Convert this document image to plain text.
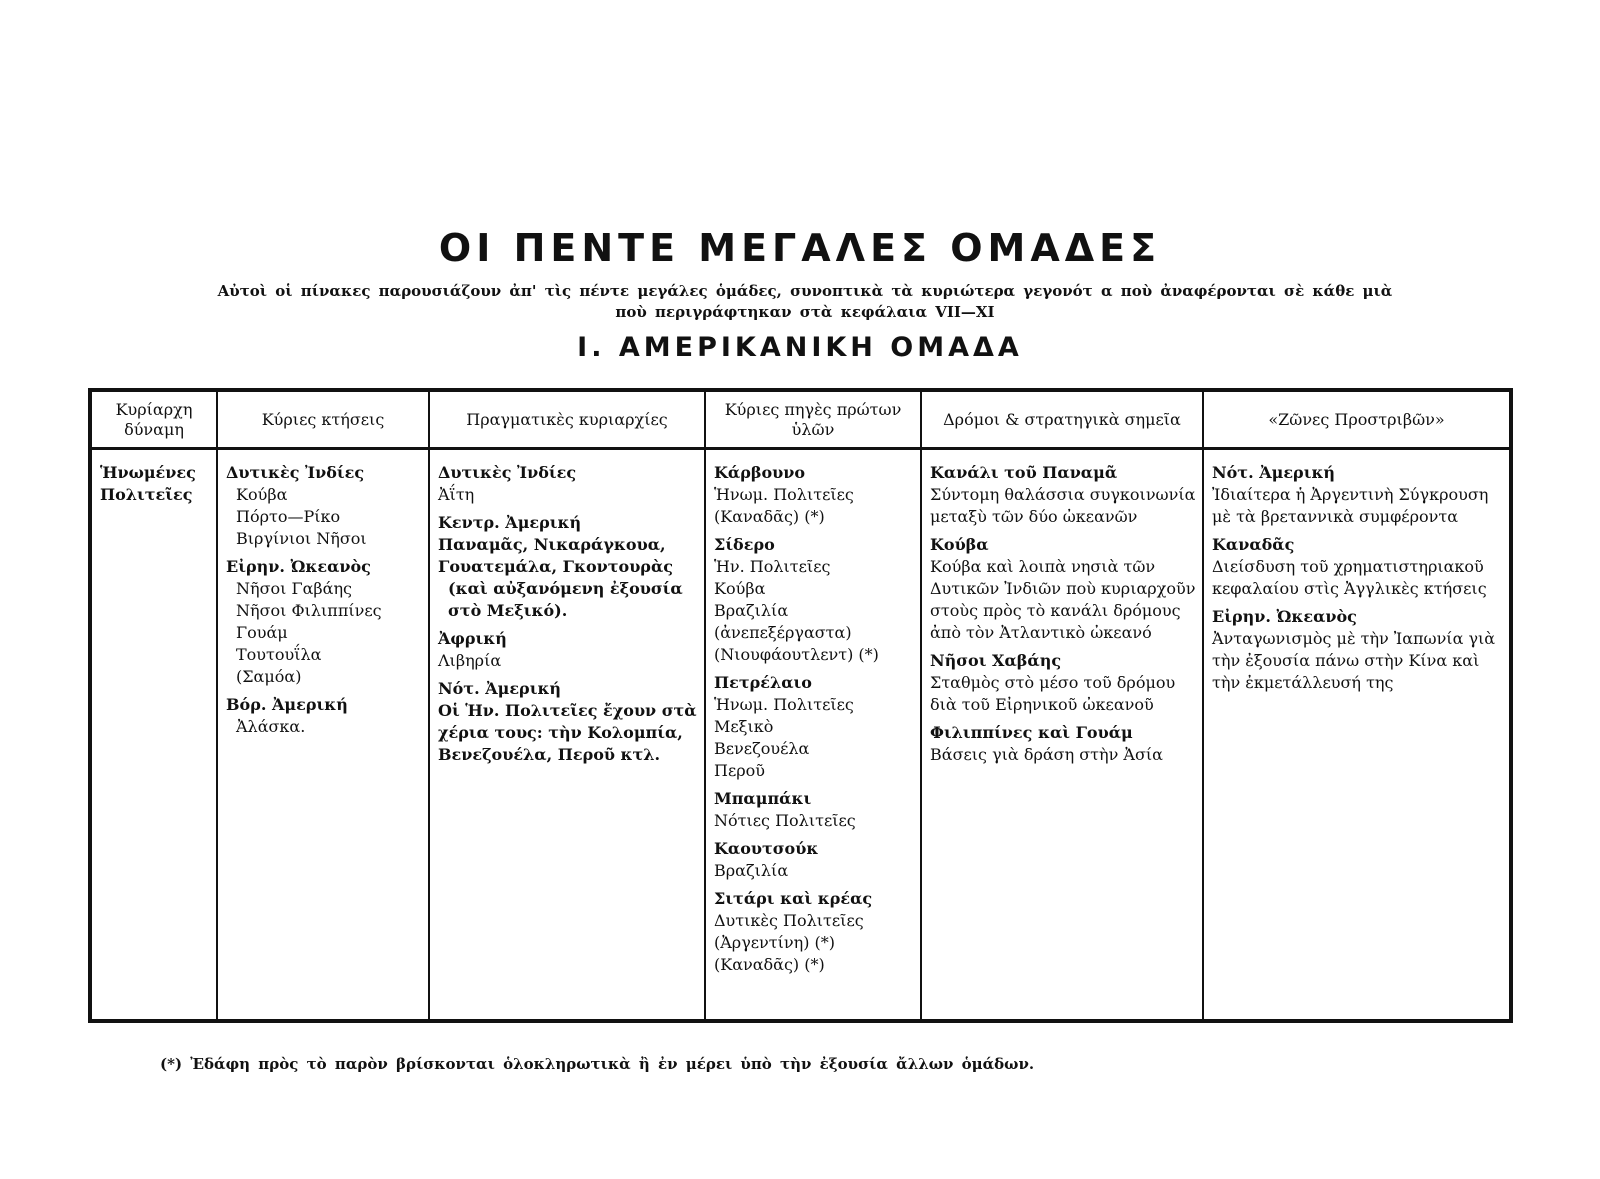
ΟΙ ΠΕΝΤΕ ΜΕΓΑΛΕΣ ΟΜΑΔΕΣ
Αὐτοὶ οἱ πίνακες παρουσιάζουν ἀπ' τὶς πέντε μεγάλες ὁμάδες, συνοπτικὰ τὰ κυριώτερα γεγονότ α ποὺ ἀναφέρονται σὲ κάθε μιὰ
ποὺ περιγράφτηκαν στὰ κεφάλαια VII—XI
Ι. ΑΜΕΡΙΚΑΝΙΚΗ ΟΜΑΔΑ
Κυρίαρχη δύναμη
Ἡνωμένες Πολιτεῖες
Κύριες κτήσεις
Δυτικὲς Ἰνδίες
Κούβα
Πόρτο—Ρίκο
Βιργίνιοι Νῆσοι
Εἰρην. Ὠκεανὸς
Νῆσοι Γαβάης
Νῆσοι Φιλιππίνες
Γουάμ
Τουτουΐλα
(Σαμόα)
Βόρ. Ἀμερική
Ἀλάσκα.
Πραγματικὲς κυριαρχίες
Δυτικὲς Ἰνδίες
Ἀΐτη
Κεντρ. Ἀμερική
Παναμᾶς, Νικαράγκουα, Γουατεμάλα, Γκοντουρὰς
(καὶ αὐξανόμενη ἐξουσία στὸ Μεξικό).
Ἀφρική
Λιβηρία
Νότ. Ἀμερική
Οἱ Ἡν. Πολιτεῖες ἔχουν στὰ χέρια τους: τὴν Κολομπία, Βενεζουέλα, Περοῦ κτλ.
Κύριες πηγὲς πρώτων ὑλῶν
Κάρβουνο
Ἡνωμ. Πολιτεῖες
(Καναδᾶς) (*)
Σίδερο
Ἡν. Πολιτεῖες
Κούβα
Βραζιλία (ἀνεπεξέργαστα)
(Νιουφάουτλεντ) (*)
Πετρέλαιο
Ἡνωμ. Πολιτεῖες
Μεξικὸ
Βενεζουέλα
Περοῦ
Μπαμπάκι
Νότιες Πολιτεῖες
Καουτσούκ
Βραζιλία
Σιτάρι καὶ κρέας
Δυτικὲς Πολιτεῖες
(Ἀργεντίνη) (*)
(Καναδᾶς) (*)
Δρόμοι & στρατηγικὰ σημεῖα
Κανάλι τοῦ Παναμᾶ
Σύντομη θαλάσσια συγκοινωνία μεταξὺ τῶν δύο ὠκεανῶν
Κούβα
Κούβα καὶ λοιπὰ νησιὰ τῶν Δυτικῶν Ἰνδιῶν ποὺ κυριαρχοῦν στοὺς πρὸς τὸ κανάλι δρόμους ἀπὸ τὸν Ἀτλαντικὸ ὠκεανό
Νῆσοι Χαβάης
Σταθμὸς στὸ μέσο τοῦ δρόμου διὰ τοῦ Εἰρηνικοῦ ὠκεανοῦ
Φιλιππίνες καὶ Γουάμ
Βάσεις γιὰ δράση στὴν Ἀσία
«Ζῶνες Προστριβῶν»
Νότ. Ἀμερική
Ἰδιαίτερα ἡ Ἀργεντινὴ Σύγκρουση μὲ τὰ βρεταννικὰ συμφέροντα
Καναδᾶς
Διείσδυση τοῦ χρηματιστηριακοῦ κεφαλαίου στὶς Ἀγγλικὲς κτήσεις
Εἰρην. Ὠκεανὸς
Ἀνταγωνισμὸς μὲ τὴν Ἰαπωνία γιὰ τὴν ἐξουσία πάνω στὴν Κίνα καὶ τὴν ἐκμετάλλευσή της
(*) Ἐδάφη πρὸς τὸ παρὸν βρίσκονται ὁλοκληρωτικὰ ἢ ἐν μέρει ὑπὸ τὴν ἐξουσία ἄλλων ὁμάδων.
